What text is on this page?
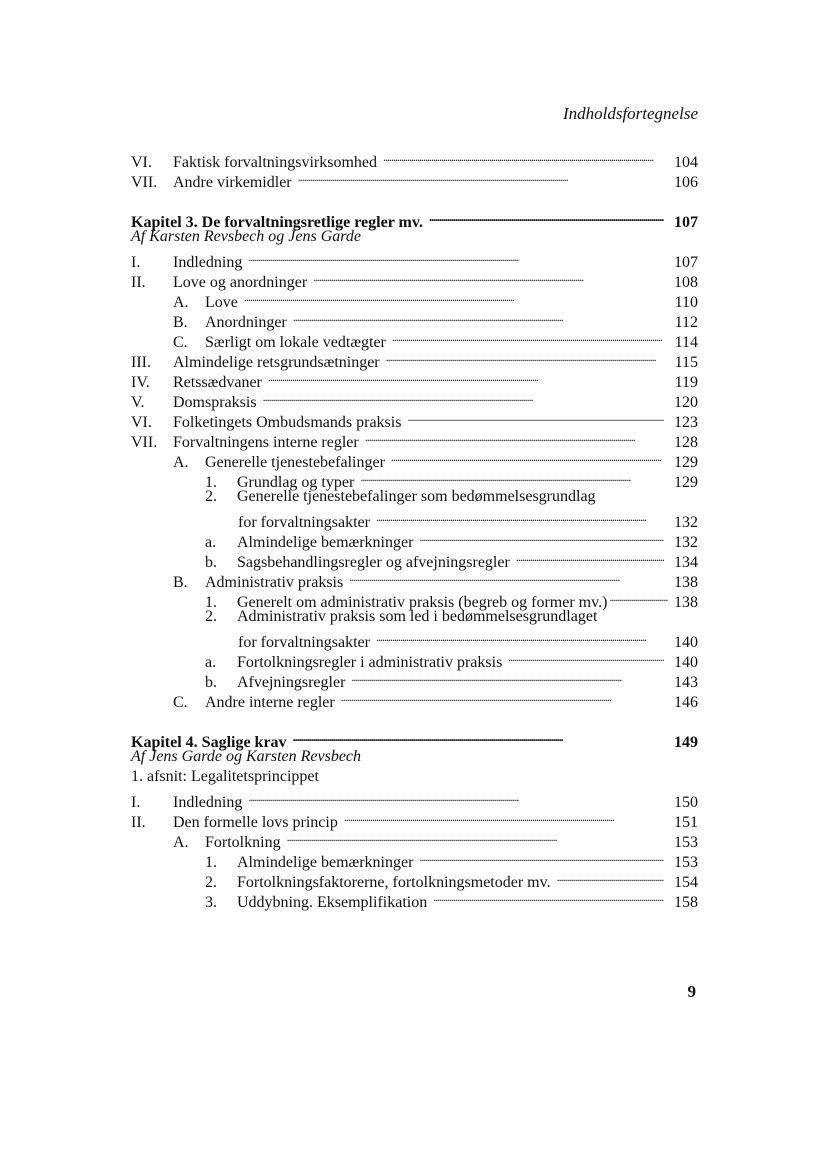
Indholdsfortegnelse
VI.	Faktisk forvaltningsvirksomhed . . .	104
VII. Andre virkemidler . . .	106
Kapitel 3. De forvaltningsretlige regler mv. . . .	107
Af Karsten Revsbech og Jens Garde
I.	Indledning . . .	107
II.	Love og anordninger . . .	108
A.	Love . . .	110
B.	Anordninger . . .	112
C.	Særligt om lokale vedtægter . . .	114
III.	Almindelige retsgrundsætninger . . .	115
IV.	Retssædvaner . . .	119
V.	Domspraksis . . .	120
VI.	Folketingets Ombudsmands praksis . . .	123
VII. Forvaltningens interne regler . . .	128
A.	Generelle tjenestebefalinger . . .	129
1.	Grundlag og typer . . .	129
2.	Generelle tjenestebefalinger som bedømmelsesgrundlag
for forvaltningsakter . . .	132
a.	Almindelige bemærkninger . . .	132
b.	Sagsbehandlingsregler og afvejningsregler . . .	134
B.	Administrativ praksis . . .	138
1.	Generelt om administrativ praksis (begreb og former mv.) . . .	138
2.	Administrativ praksis som led i bedømmelsesgrundlaget
for forvaltningsakter . . .	140
a.	Fortolkningsregler i administrativ praksis . . .	140
b.	Afvejningsregler . . .	143
C.	Andre interne regler . . .	146
Kapitel 4. Saglige krav . . .	149
Af Jens Garde og Karsten Revsbech
1. afsnit: Legalitetsprincippet
I.	Indledning . . .	150
II.	Den formelle lovs princip . . .	151
A.	Fortolkning . . .	153
1.	Almindelige bemærkninger . . .	153
2.	Fortolkningsfaktorerne, fortolkningsmetoder mv. . . .	154
3.	Uddybning. Eksemplifikation . . .	158
9
